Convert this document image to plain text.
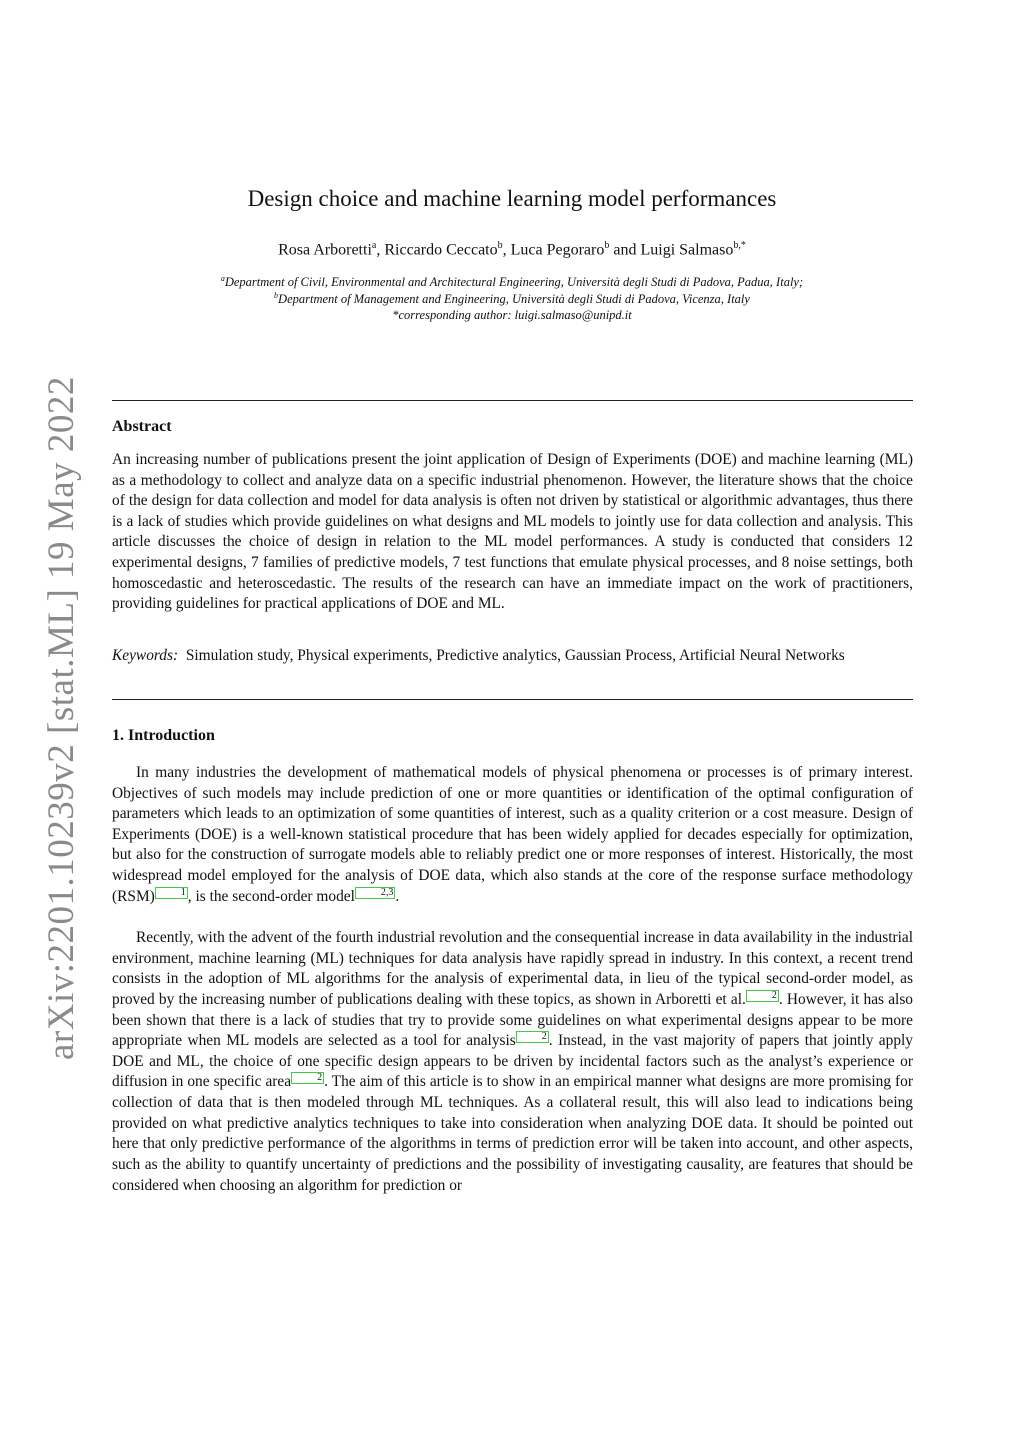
arXiv:2201.10239v2 [stat.ML] 19 May 2022
Design choice and machine learning model performances
Rosa Arboretti$^a$, Riccardo Ceccato$^b$, Luca Pegoraro$^b$ and Luigi Salmaso$^{b,*}$
$^a$Department of Civil, Environmental and Architectural Engineering, Università degli Studi di Padova, Padua, Italy;
$^b$Department of Management and Engineering, Università degli Studi di Padova, Vicenza, Italy
*corresponding author: luigi.salmaso@unipd.it
Abstract

An increasing number of publications present the joint application of Design of Experiments (DOE) and machine learning (ML) as a methodology to collect and analyze data on a specific industrial phenomenon. However, the literature shows that the choice of the design for data collection and model for data analysis is often not driven by statistical or algorithmic advantages, thus there is a lack of studies which provide guidelines on what designs and ML models to jointly use for data collection and analysis. This article discusses the choice of design in relation to the ML model performances. A study is conducted that considers 12 experimental designs, 7 families of predictive models, 7 test functions that emulate physical processes, and 8 noise settings, both homoscedastic and heteroscedastic. The results of the research can have an immediate impact on the work of practitioners, providing guidelines for practical applications of DOE and ML.

Keywords: Simulation study, Physical experiments, Predictive analytics, Gaussian Process, Artificial Neural Networks

1. Introduction

In many industries the development of mathematical models of physical phenomena or processes is of primary interest. Objectives of such models may include prediction of one or more quantities or identification of the optimal configuration of parameters which leads to an optimization of some quantities of interest, such as a quality criterion or a cost measure. Design of Experiments (DOE) is a well-known statistical procedure that has been widely applied for decades especially for optimization, but also for the construction of surrogate models able to reliably predict one or more responses of interest. Historically, the most widespread model employed for the analysis of DOE data, which also stands at the core of the response surface methodology (RSM)	1 , is the second-order model	2,3 .

Recently, with the advent of the fourth industrial revolution and the consequential increase in data availability in the industrial environment, machine learning (ML) techniques for data analysis have rapidly spread in industry. In this context, a recent trend consists in the adoption of ML algorithms for the analysis of experimental data, in lieu of the typical second-order model, as proved by the increasing number of publications dealing with these topics, as shown in Arboretti et al.	2 . However, it has also been shown that there is a lack of studies that try to provide some guidelines on what experimental designs appear to be more appropriate when ML models are selected as a tool for analysis	2 . Instead, in the vast majority of papers that jointly apply DOE and ML, the choice of one specific design appears to be driven by incidental factors such as the analyst’s experience or diffusion in one specific area	2 . The aim of this article is to show in an empirical manner what designs are more promising for collection of data that is then modeled through ML techniques. As a collateral result, this will also lead to indications being provided on what predictive analytics techniques to take into consideration when analyzing DOE data. It should be pointed out here that only predictive performance of the algorithms in terms of prediction error will be taken into account, and other aspects, such as the ability to quantify uncertainty of predictions and the possibility of investigating causality, are features that should be considered when choosing an algorithm for prediction or
